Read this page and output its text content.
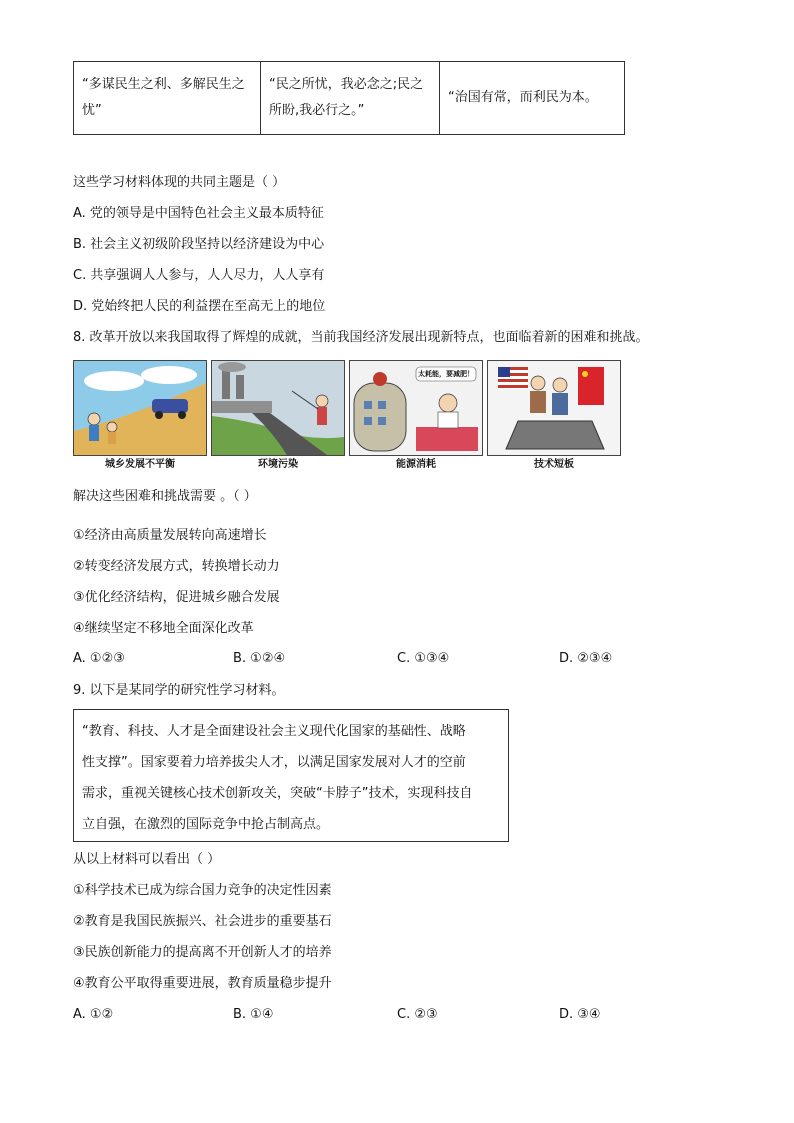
“多谋民生之利、多解民生之忧”	“民之所忧，我必念之;民之所盼,我必行之。”	“治国有常，而利民为本。
这些学习材料体现的共同主题是（ ）
A. 党的领导是中国特色社会主义最本质特征
B. 社会主义初级阶段坚持以经济建设为中心
C. 共享强调人人参与，人人尽力，人人享有
D. 党始终把人民的利益摆在至高无上的地位
8. 改革开放以来我国取得了辉煌的成就，当前我国经济发展出现新特点，也面临着新的困难和挑战。
城乡发展不平衡	环境污染
太耗能，要减肥！
能源消耗	技术短板
解决这些困难和挑战需要 。（ ）
①经济由高质量发展转向高速增长
②转变经济发展方式，转换增长动力
③优化经济结构，促进城乡融合发展
④继续坚定不移地全面深化改革
A. ①②③	B. ①②④	C. ①③④	D. ②③④
9. 以下是某同学的研究性学习材料。
“教育、科技、人才是全面建设社会主义现代化国家的基础性、战略
性支撑”。国家要着力培养拔尖人才，以满足国家发展对人才的空前
需求，重视关键核心技术创新攻关，突破“卡脖子”技术，实现科技自
立自强，在激烈的国际竞争中抢占制高点。
从以上材料可以看出（ ）
①科学技术已成为综合国力竞争的决定性因素
②教育是我国民族振兴、社会进步的重要基石
③民族创新能力的提高离不开创新人才的培养
④教育公平取得重要进展，教育质量稳步提升
A. ①②	B. ①④	C. ②③	D. ③④
